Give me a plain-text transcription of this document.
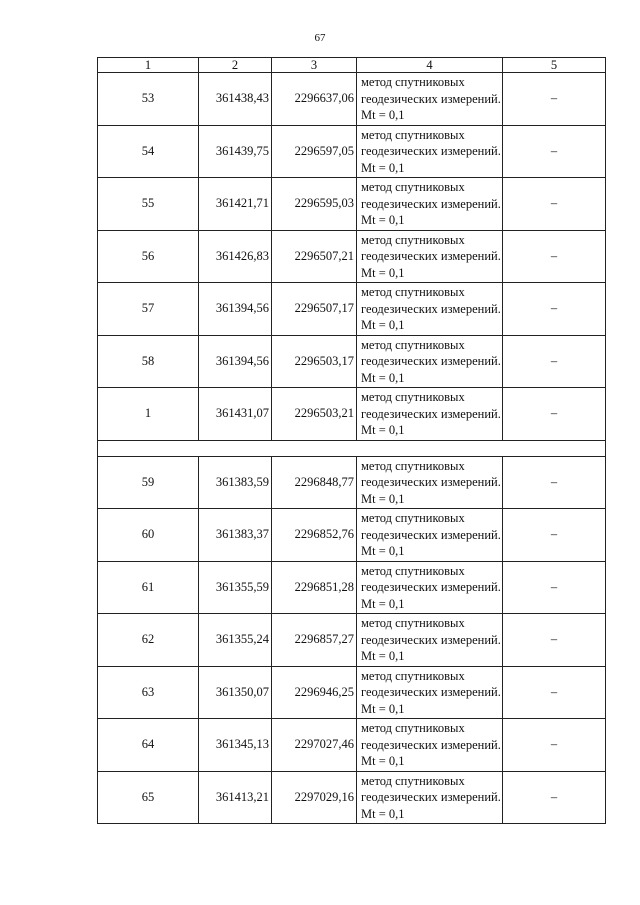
67
1	2	3	4	5
53	361438,43	2296637,06	метод спутниковых геодезических измерений. Mt = 0,1	–
54	361439,75	2296597,05	метод спутниковых геодезических измерений. Mt = 0,1	–
55	361421,71	2296595,03	метод спутниковых геодезических измерений. Mt = 0,1	–
56	361426,83	2296507,21	метод спутниковых геодезических измерений. Mt = 0,1	–
57	361394,56	2296507,17	метод спутниковых геодезических измерений. Mt = 0,1	–
58	361394,56	2296503,17	метод спутниковых геодезических измерений. Mt = 0,1	–
1	361431,07	2296503,21	метод спутниковых геодезических измерений. Mt = 0,1	–

59	361383,59	2296848,77	метод спутниковых геодезических измерений. Mt = 0,1	–
60	361383,37	2296852,76	метод спутниковых геодезических измерений. Mt = 0,1	–
61	361355,59	2296851,28	метод спутниковых геодезических измерений. Mt = 0,1	–
62	361355,24	2296857,27	метод спутниковых геодезических измерений. Mt = 0,1	–
63	361350,07	2296946,25	метод спутниковых геодезических измерений. Mt = 0,1	–
64	361345,13	2297027,46	метод спутниковых геодезических измерений. Mt = 0,1	–
65	361413,21	2297029,16	метод спутниковых геодезических измерений. Mt = 0,1	–
